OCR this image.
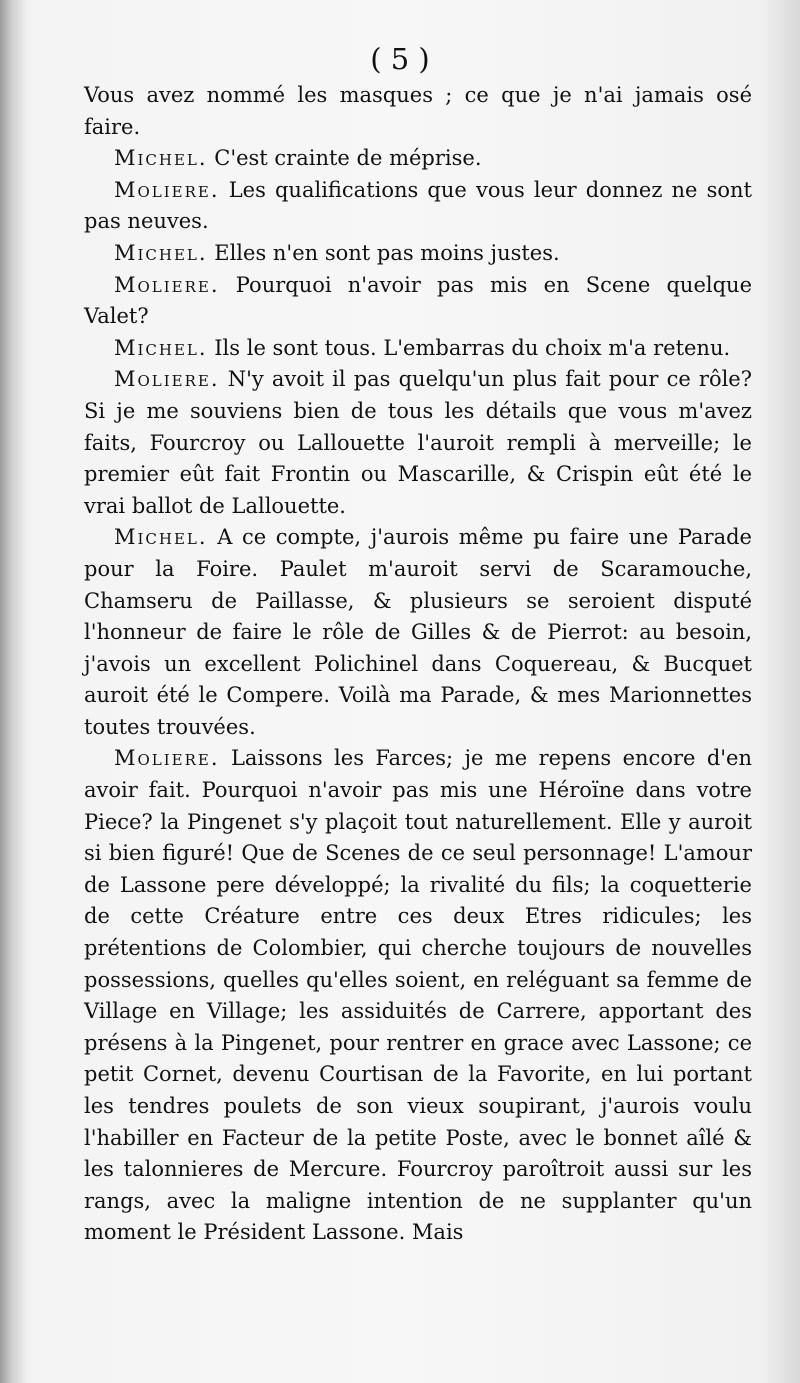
( 5 )

Vous avez nommé les masques ; ce que je n'ai jamais osé faire.

Michel. C'est crainte de méprise.

Moliere. Les qualifications que vous leur donnez ne sont pas neuves.

Michel. Elles n'en sont pas moins justes.

Moliere. Pourquoi n'avoir pas mis en Scene quelque Valet?

Michel. Ils le sont tous. L'embarras du choix m'a retenu.

Moliere. N'y avoit il pas quelqu'un plus fait pour ce rôle? Si je me souviens bien de tous les détails que vous m'avez faits, Fourcroy ou Lallouette l'auroit rempli à merveille; le premier eût fait Frontin ou Mascarille, & Crispin eût été le vrai ballot de Lallouette.

Michel. A ce compte, j'aurois même pu faire une Parade pour la Foire. Paulet m'auroit servi de Scaramouche, Chamseru de Paillasse, & plusieurs se seroient disputé l'honneur de faire le rôle de Gilles & de Pierrot: au besoin, j'avois un excellent Polichinel dans Coquereau, & Bucquet auroit été le Compere. Voilà ma Parade, & mes Marionnettes toutes trouvées.

Moliere. Laissons les Farces; je me repens encore d'en avoir fait. Pourquoi n'avoir pas mis une Héroïne dans votre Piece? la Pingenet s'y plaçoit tout naturellement. Elle y auroit si bien figuré! Que de Scenes de ce seul personnage! L'amour de Lassone pere développé; la rivalité du fils; la coquetterie de cette Créature entre ces deux Etres ridicules; les prétentions de Colombier, qui cherche toujours de nouvelles possessions, quelles qu'elles soient, en reléguant sa femme de Village en Village; les assiduités de Carrere, apportant des présens à la Pingenet, pour rentrer en grace avec Lassone; ce petit Cornet, devenu Courtisan de la Favorite, en lui portant les tendres poulets de son vieux soupirant, j'aurois voulu l'habiller en Facteur de la petite Poste, avec le bonnet aîlé & les talonnieres de Mercure. Fourcroy paroîtroit aussi sur les rangs, avec la maligne intention de ne supplanter qu'un moment le Président Lassone. Mais
